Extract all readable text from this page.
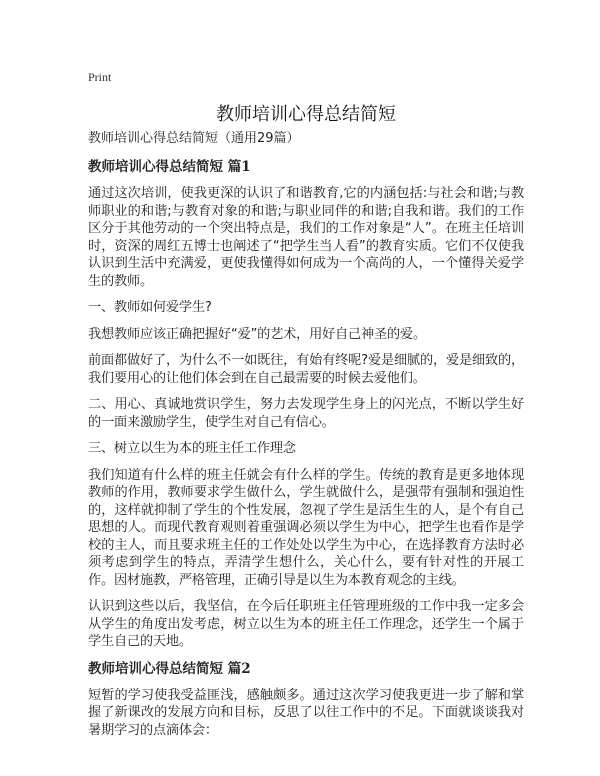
Print
教师培训心得总结简短
教师培训心得总结简短（通用29篇）
教师培训心得总结简短 篇1

通过这次培训，使我更深的认识了和谐教育,它的内涵包括:与社会和谐;与教师职业的和谐;与教育对象的和谐;与职业同伴的和谐;自我和谐。我们的工作区分于其他劳动的一个突出特点是，我们的工作对象是“人”。在班主任培训时，资深的周红五博士也阐述了“把学生当人看”的教育实质。它们不仅使我认识到生活中充满爱，更使我懂得如何成为一个高尚的人，一个懂得关爱学生的教师。

一、教师如何爱学生?

我想教师应该正确把握好“爱”的艺术，用好自己神圣的爱。

前面都做好了，为什么不一如既往，有始有终呢?爱是细腻的，爱是细致的，我们要用心的让他们体会到在自己最需要的时候去爱他们。

二、用心、真诚地赏识学生，努力去发现学生身上的闪光点，不断以学生好的一面来激励学生，使学生对自己有信心。

三、树立以生为本的班主任工作理念

我们知道有什么样的班主任就会有什么样的学生。传统的教育是更多地体现教师的作用，教师要求学生做什么，学生就做什么，是强带有强制和强迫性的，这样就抑制了学生的个性发展，忽视了学生是活生生的人，是个有自己思想的人。而现代教育观则着重强调必须以学生为中心，把学生也看作是学校的主人，而且要求班主任的工作处处以学生为中心，在选择教育方法时必须考虑到学生的特点，弄清学生想什么，关心什么，要有针对性的开展工作。因材施教，严格管理，正确引导是以生为本教育观念的主线。

认识到这些以后，我坚信，在今后任职班主任管理班级的工作中我一定多会从学生的角度出发考虑，树立以生为本的班主任工作理念，还学生一个属于学生自己的天地。

教师培训心得总结简短 篇2

短暂的学习使我受益匪浅，感触颇多。通过这次学习使我更进一步了解和掌握了新课改的发展方向和目标，反思了以往工作中的不足。下面就谈谈我对暑期学习的点滴体会：
